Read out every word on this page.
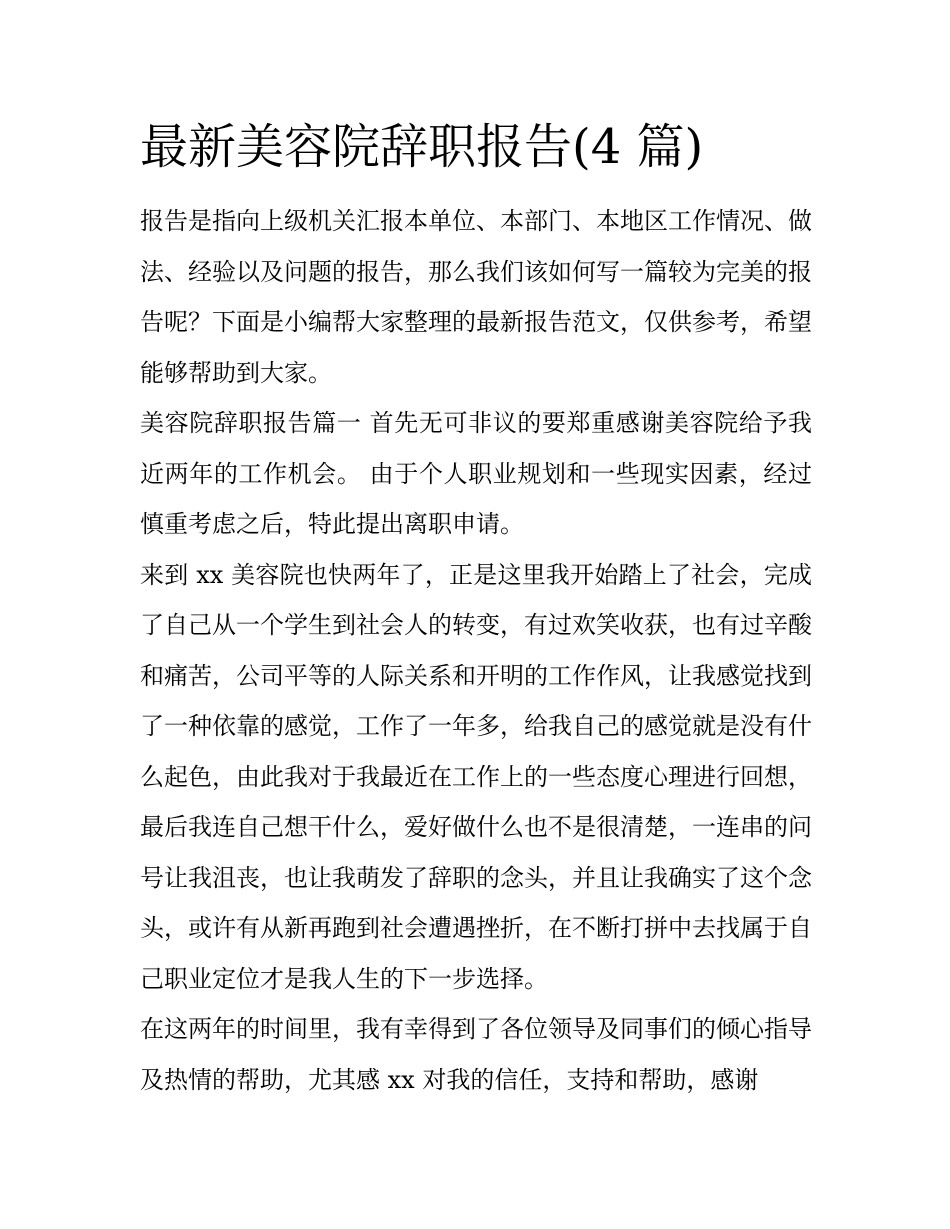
最新美容院辞职报告(4 篇)

报告是指向上级机关汇报本单位、本部门、本地区工作情况、做法、经验以及问题的报告，那么我们该如何写一篇较为完美的报告呢？下面是小编帮大家整理的最新报告范文，仅供参考，希望能够帮助到大家。

美容院辞职报告篇一 首先无可非议的要郑重感谢美容院给予我近两年的工作机会。 由于个人职业规划和一些现实因素，经过慎重考虑之后，特此提出离职申请。

来到 xx 美容院也快两年了，正是这里我开始踏上了社会，完成了自己从一个学生到社会人的转变，有过欢笑收获，也有过辛酸和痛苦，公司平等的人际关系和开明的工作作风，让我感觉找到了一种依靠的感觉，工作了一年多，给我自己的感觉就是没有什么起色，由此我对于我最近在工作上的一些态度心理进行回想，最后我连自己想干什么，爱好做什么也不是很清楚，一连串的问号让我沮丧，也让我萌发了辞职的念头，并且让我确实了这个念头，或许有从新再跑到社会遭遇挫折，在不断打拼中去找属于自己职业定位才是我人生的下一步选择。

在这两年的时间里，我有幸得到了各位领导及同事们的倾心指导及热情的帮助，尤其感 xx 对我的信任，支持和帮助，感谢
